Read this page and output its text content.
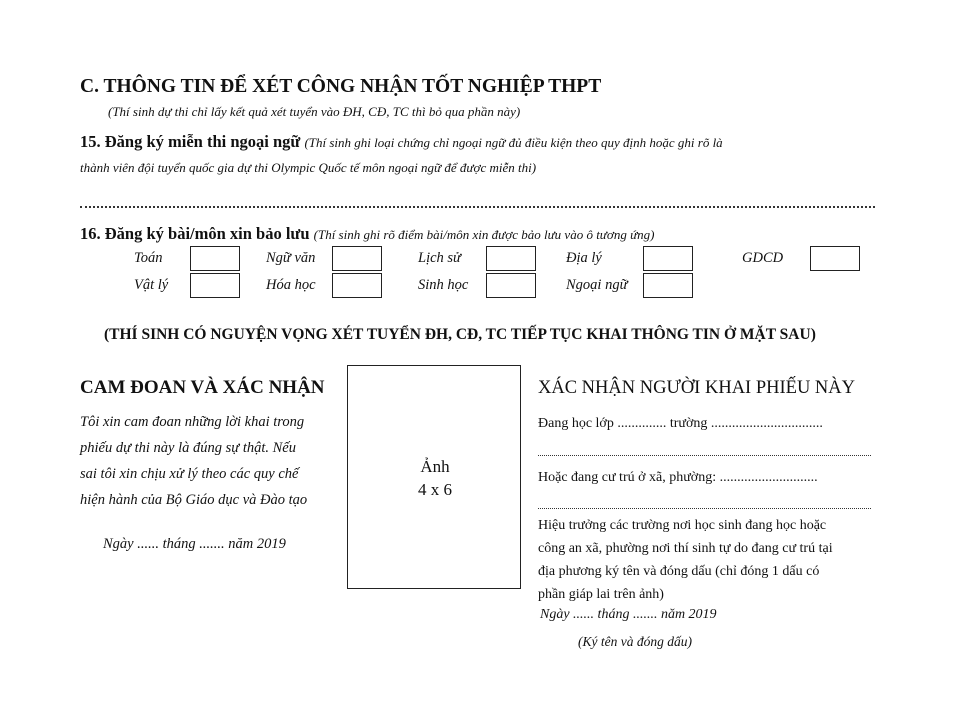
C. THÔNG TIN ĐỂ XÉT CÔNG NHẬN TỐT NGHIỆP THPT
(Thí sinh dự thi chỉ lấy kết quả xét tuyển vào ĐH, CĐ, TC thì bỏ qua phần này)
15. Đăng ký miễn thi ngoại ngữ (Thí sinh ghi loại chứng chỉ ngoại ngữ đủ điều kiện theo quy định hoặc ghi rõ là
thành viên đội tuyển quốc gia dự thi Olympic Quốc tế môn ngoại ngữ để được miễn thi)
16. Đăng ký bài/môn xin bảo lưu (Thí sinh ghi rõ điểm bài/môn xin được bảo lưu vào ô tương ứng)
Toán	Ngữ văn	Lịch sử	Địa lý	GDCD
Vật lý	Hóa học	Sinh học	Ngoại ngữ
(THÍ SINH CÓ NGUYỆN VỌNG XÉT TUYỂN ĐH, CĐ, TC TIẾP TỤC KHAI THÔNG TIN Ở MẶT SAU)
CAM ĐOAN VÀ XÁC NHẬN
Tôi xin cam đoan những lời khai trong
phiếu dự thi này là đúng sự thật. Nếu
sai tôi xin chịu xử lý theo các quy chế
hiện hành của Bộ Giáo dục và Đào tạo
Ngày ...... tháng ....... năm 2019
Ảnh
4 x 6
XÁC NHẬN NGƯỜI KHAI PHIẾU NÀY
Đang học lớp .............. trường ................................
Hoặc đang cư trú ở xã, phường: ............................
Hiệu trưởng các trường nơi học sinh đang học hoặc
công an xã, phường nơi thí sinh tự do đang cư trú tại
địa phương ký tên và đóng dấu (chỉ đóng 1 dấu có
phần giáp lai trên ảnh)
Ngày ...... tháng ....... năm 2019
(Ký tên và đóng dấu)
